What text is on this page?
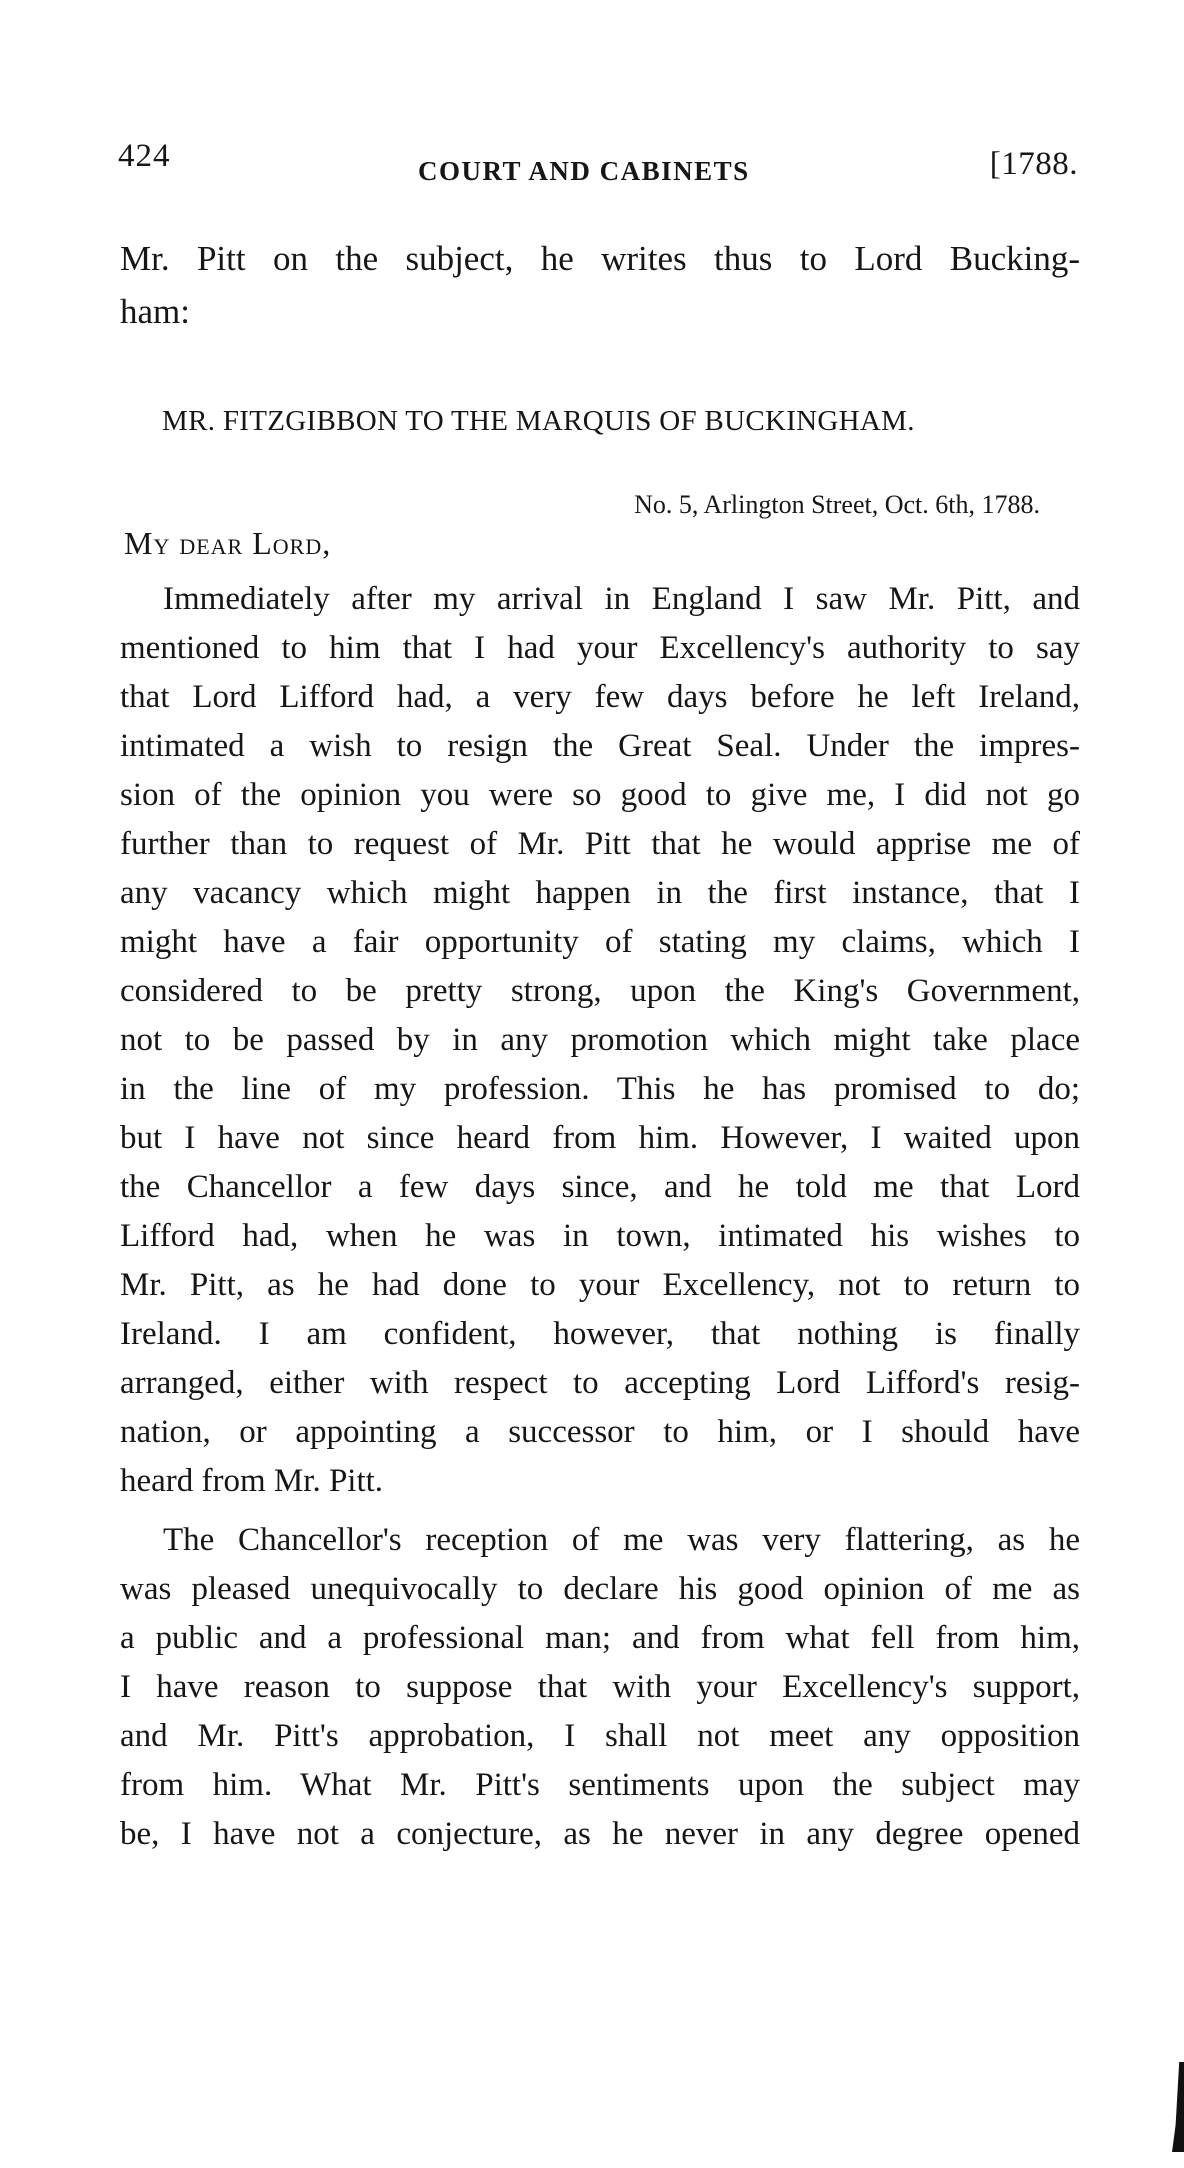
424	COURT AND CABINETS	[1788.
Mr. Pitt on the subject, he writes thus to Lord Bucking-
ham:
MR. FITZGIBBON TO THE MARQUIS OF BUCKINGHAM.
No. 5, Arlington Street, Oct. 6th, 1788.
My dear Lord,
Immediately after my arrival in England I saw Mr. Pitt, and
mentioned to him that I had your Excellency's authority to say
that Lord Lifford had, a very few days before he left Ireland,
intimated a wish to resign the Great Seal. Under the impres-
sion of the opinion you were so good to give me, I did not go
further than to request of Mr. Pitt that he would apprise me of
any vacancy which might happen in the first instance, that I
might have a fair opportunity of stating my claims, which I
considered to be pretty strong, upon the King's Government,
not to be passed by in any promotion which might take place
in the line of my profession. This he has promised to do;
but I have not since heard from him. However, I waited upon
the Chancellor a few days since, and he told me that Lord
Lifford had, when he was in town, intimated his wishes to
Mr. Pitt, as he had done to your Excellency, not to return to
Ireland. I am confident, however, that nothing is finally
arranged, either with respect to accepting Lord Lifford's resig-
nation, or appointing a successor to him, or I should have
heard from Mr. Pitt.
The Chancellor's reception of me was very flattering, as he
was pleased unequivocally to declare his good opinion of me as
a public and a professional man; and from what fell from him,
I have reason to suppose that with your Excellency's support,
and Mr. Pitt's approbation, I shall not meet any opposition
from him. What Mr. Pitt's sentiments upon the subject may
be, I have not a conjecture, as he never in any degree opened
